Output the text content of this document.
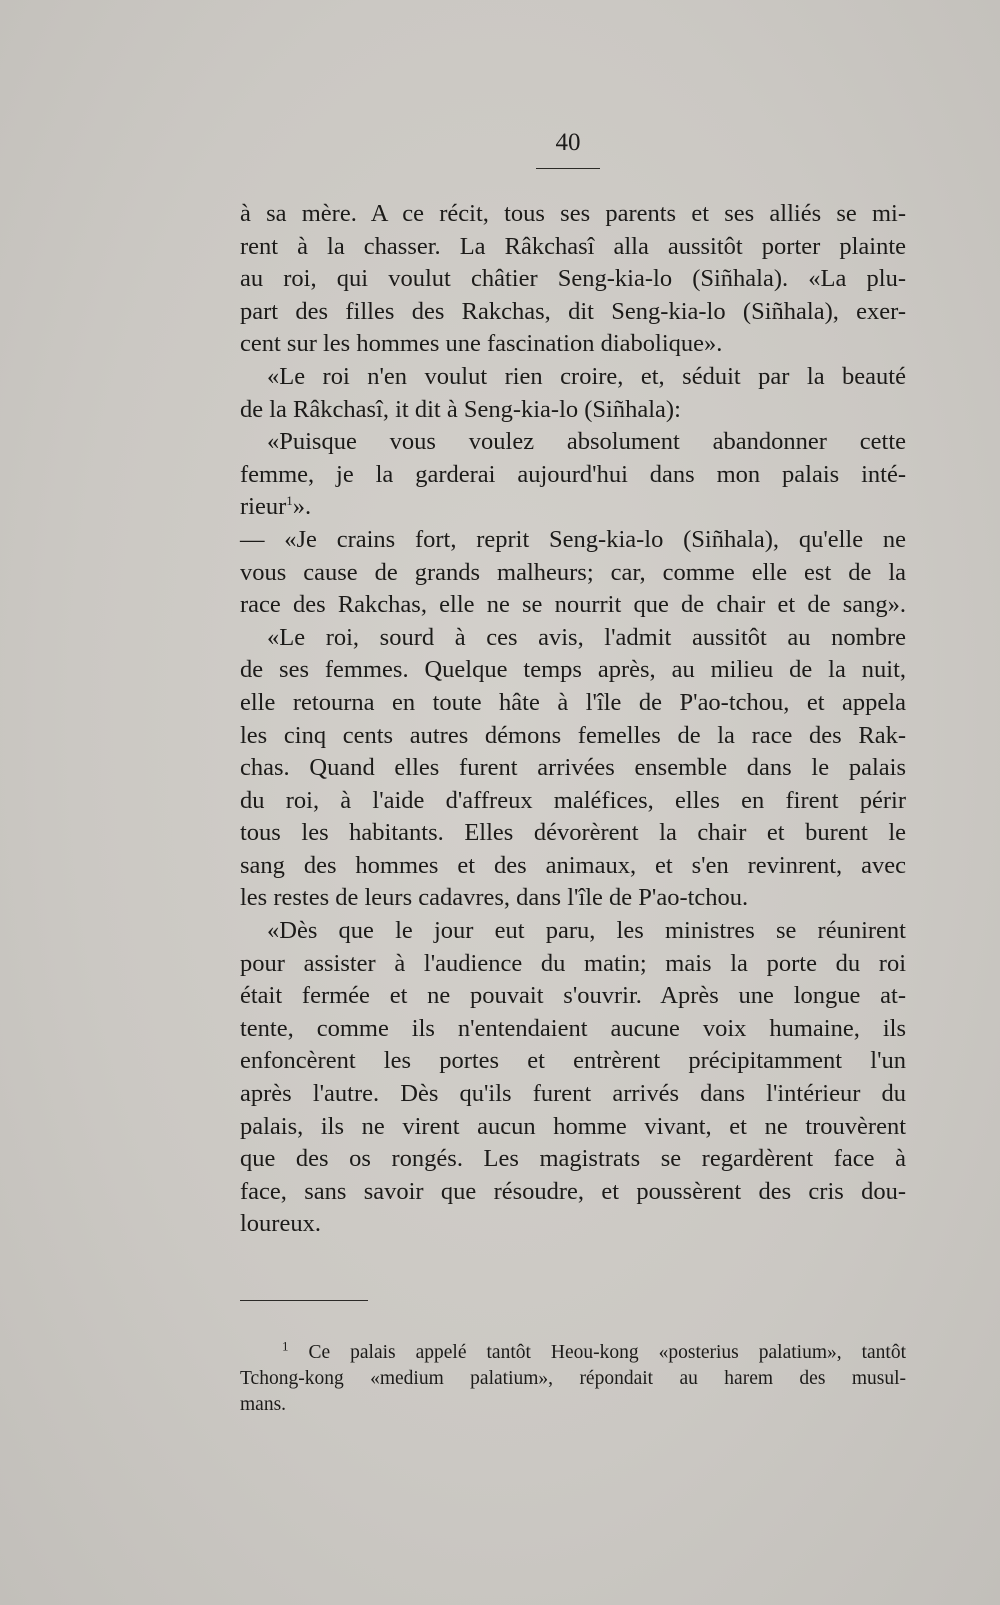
40
à sa mère. A ce récit, tous ses parents et ses alliés se mi-
rent à la chasser. La Râkchasî alla aussitôt porter plainte
au roi, qui voulut châtier Seng-kia-lo (Siñhala). «La plu-
part des filles des Rakchas, dit Seng-kia-lo (Siñhala), exer-
cent sur les hommes une fascination diabolique».
«Le roi n'en voulut rien croire, et, séduit par la beauté
de la Râkchasî, it dit à Seng-kia-lo (Siñhala):
«Puisque vous voulez absolument abandonner cette
femme, je la garderai aujourd'hui dans mon palais inté-
rieur$^1$».
— «Je crains fort, reprit Seng-kia-lo (Siñhala), qu'elle ne
vous cause de grands malheurs; car, comme elle est de la
race des Rakchas, elle ne se nourrit que de chair et de sang».
«Le roi, sourd à ces avis, l'admit aussitôt au nombre
de ses femmes. Quelque temps après, au milieu de la nuit,
elle retourna en toute hâte à l'île de P'ao-tchou, et appela
les cinq cents autres démons femelles de la race des Rak-
chas. Quand elles furent arrivées ensemble dans le palais
du roi, à l'aide d'affreux maléfices, elles en firent périr
tous les habitants. Elles dévorèrent la chair et burent le
sang des hommes et des animaux, et s'en revinrent, avec
les restes de leurs cadavres, dans l'île de P'ao-tchou.
«Dès que le jour eut paru, les ministres se réunirent
pour assister à l'audience du matin; mais la porte du roi
était fermée et ne pouvait s'ouvrir. Après une longue at-
tente, comme ils n'entendaient aucune voix humaine, ils
enfoncèrent les portes et entrèrent précipitamment l'un
après l'autre. Dès qu'ils furent arrivés dans l'intérieur du
palais, ils ne virent aucun homme vivant, et ne trouvèrent
que des os rongés. Les magistrats se regardèrent face à
face, sans savoir que résoudre, et poussèrent des cris dou-
loureux.
$^1$ Ce palais appelé tantôt Heou-kong «posterius palatium», tantôt
Tchong-kong «medium palatium», répondait au harem des musul-
mans.
